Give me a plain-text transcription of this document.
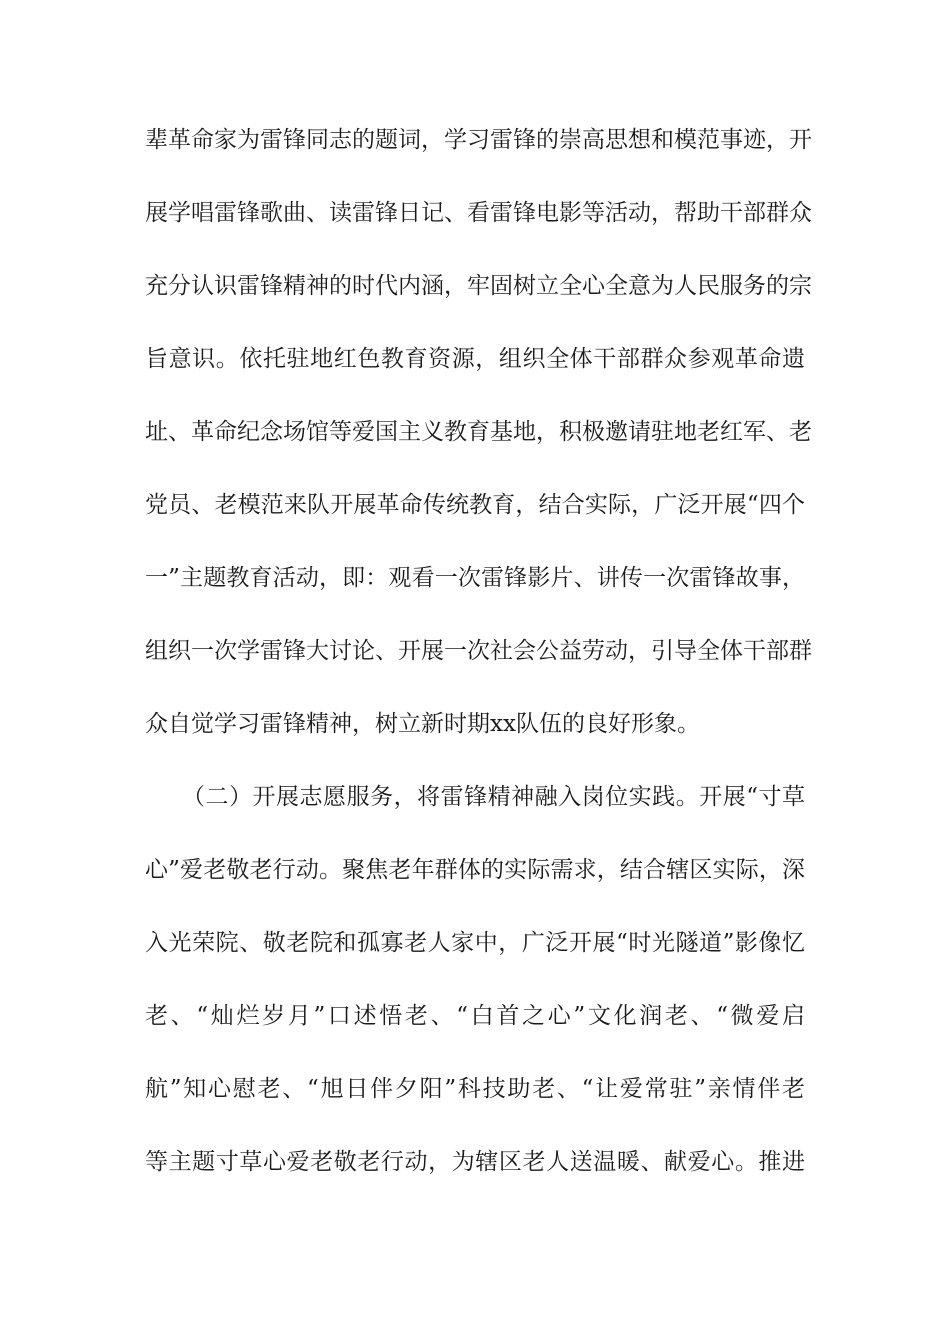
辈革命家为雷锋同志的题词，学习雷锋的崇高思想和模范事迹，开
展学唱雷锋歌曲、读雷锋日记、看雷锋电影等活动，帮助干部群众
充分认识雷锋精神的时代内涵，牢固树立全心全意为人民服务的宗
旨意识。依托驻地红色教育资源，组织全体干部群众参观革命遗
址、革命纪念场馆等爱国主义教育基地，积极邀请驻地老红军、老
党员、老模范来队开展革命传统教育，结合实际，广泛开展“四个
一”主题教育活动，即：观看一次雷锋影片、讲传一次雷锋故事，
组织一次学雷锋大讨论、开展一次社会公益劳动，引导全体干部群
众自觉学习雷锋精神，树立新时期xx队伍的良好形象。
（二）开展志愿服务，将雷锋精神融入岗位实践。开展“寸草
心”爱老敬老行动。聚焦老年群体的实际需求，结合辖区实际，深
入光荣院、敬老院和孤寡老人家中，广泛开展“时光隧道”影像忆
老、“灿烂岁月”口述悟老、“白首之心”文化润老、“微爱启
航”知心慰老、“旭日伴夕阳”科技助老、“让爱常驻”亲情伴老
等主题寸草心爱老敬老行动，为辖区老人送温暖、献爱心。推进
